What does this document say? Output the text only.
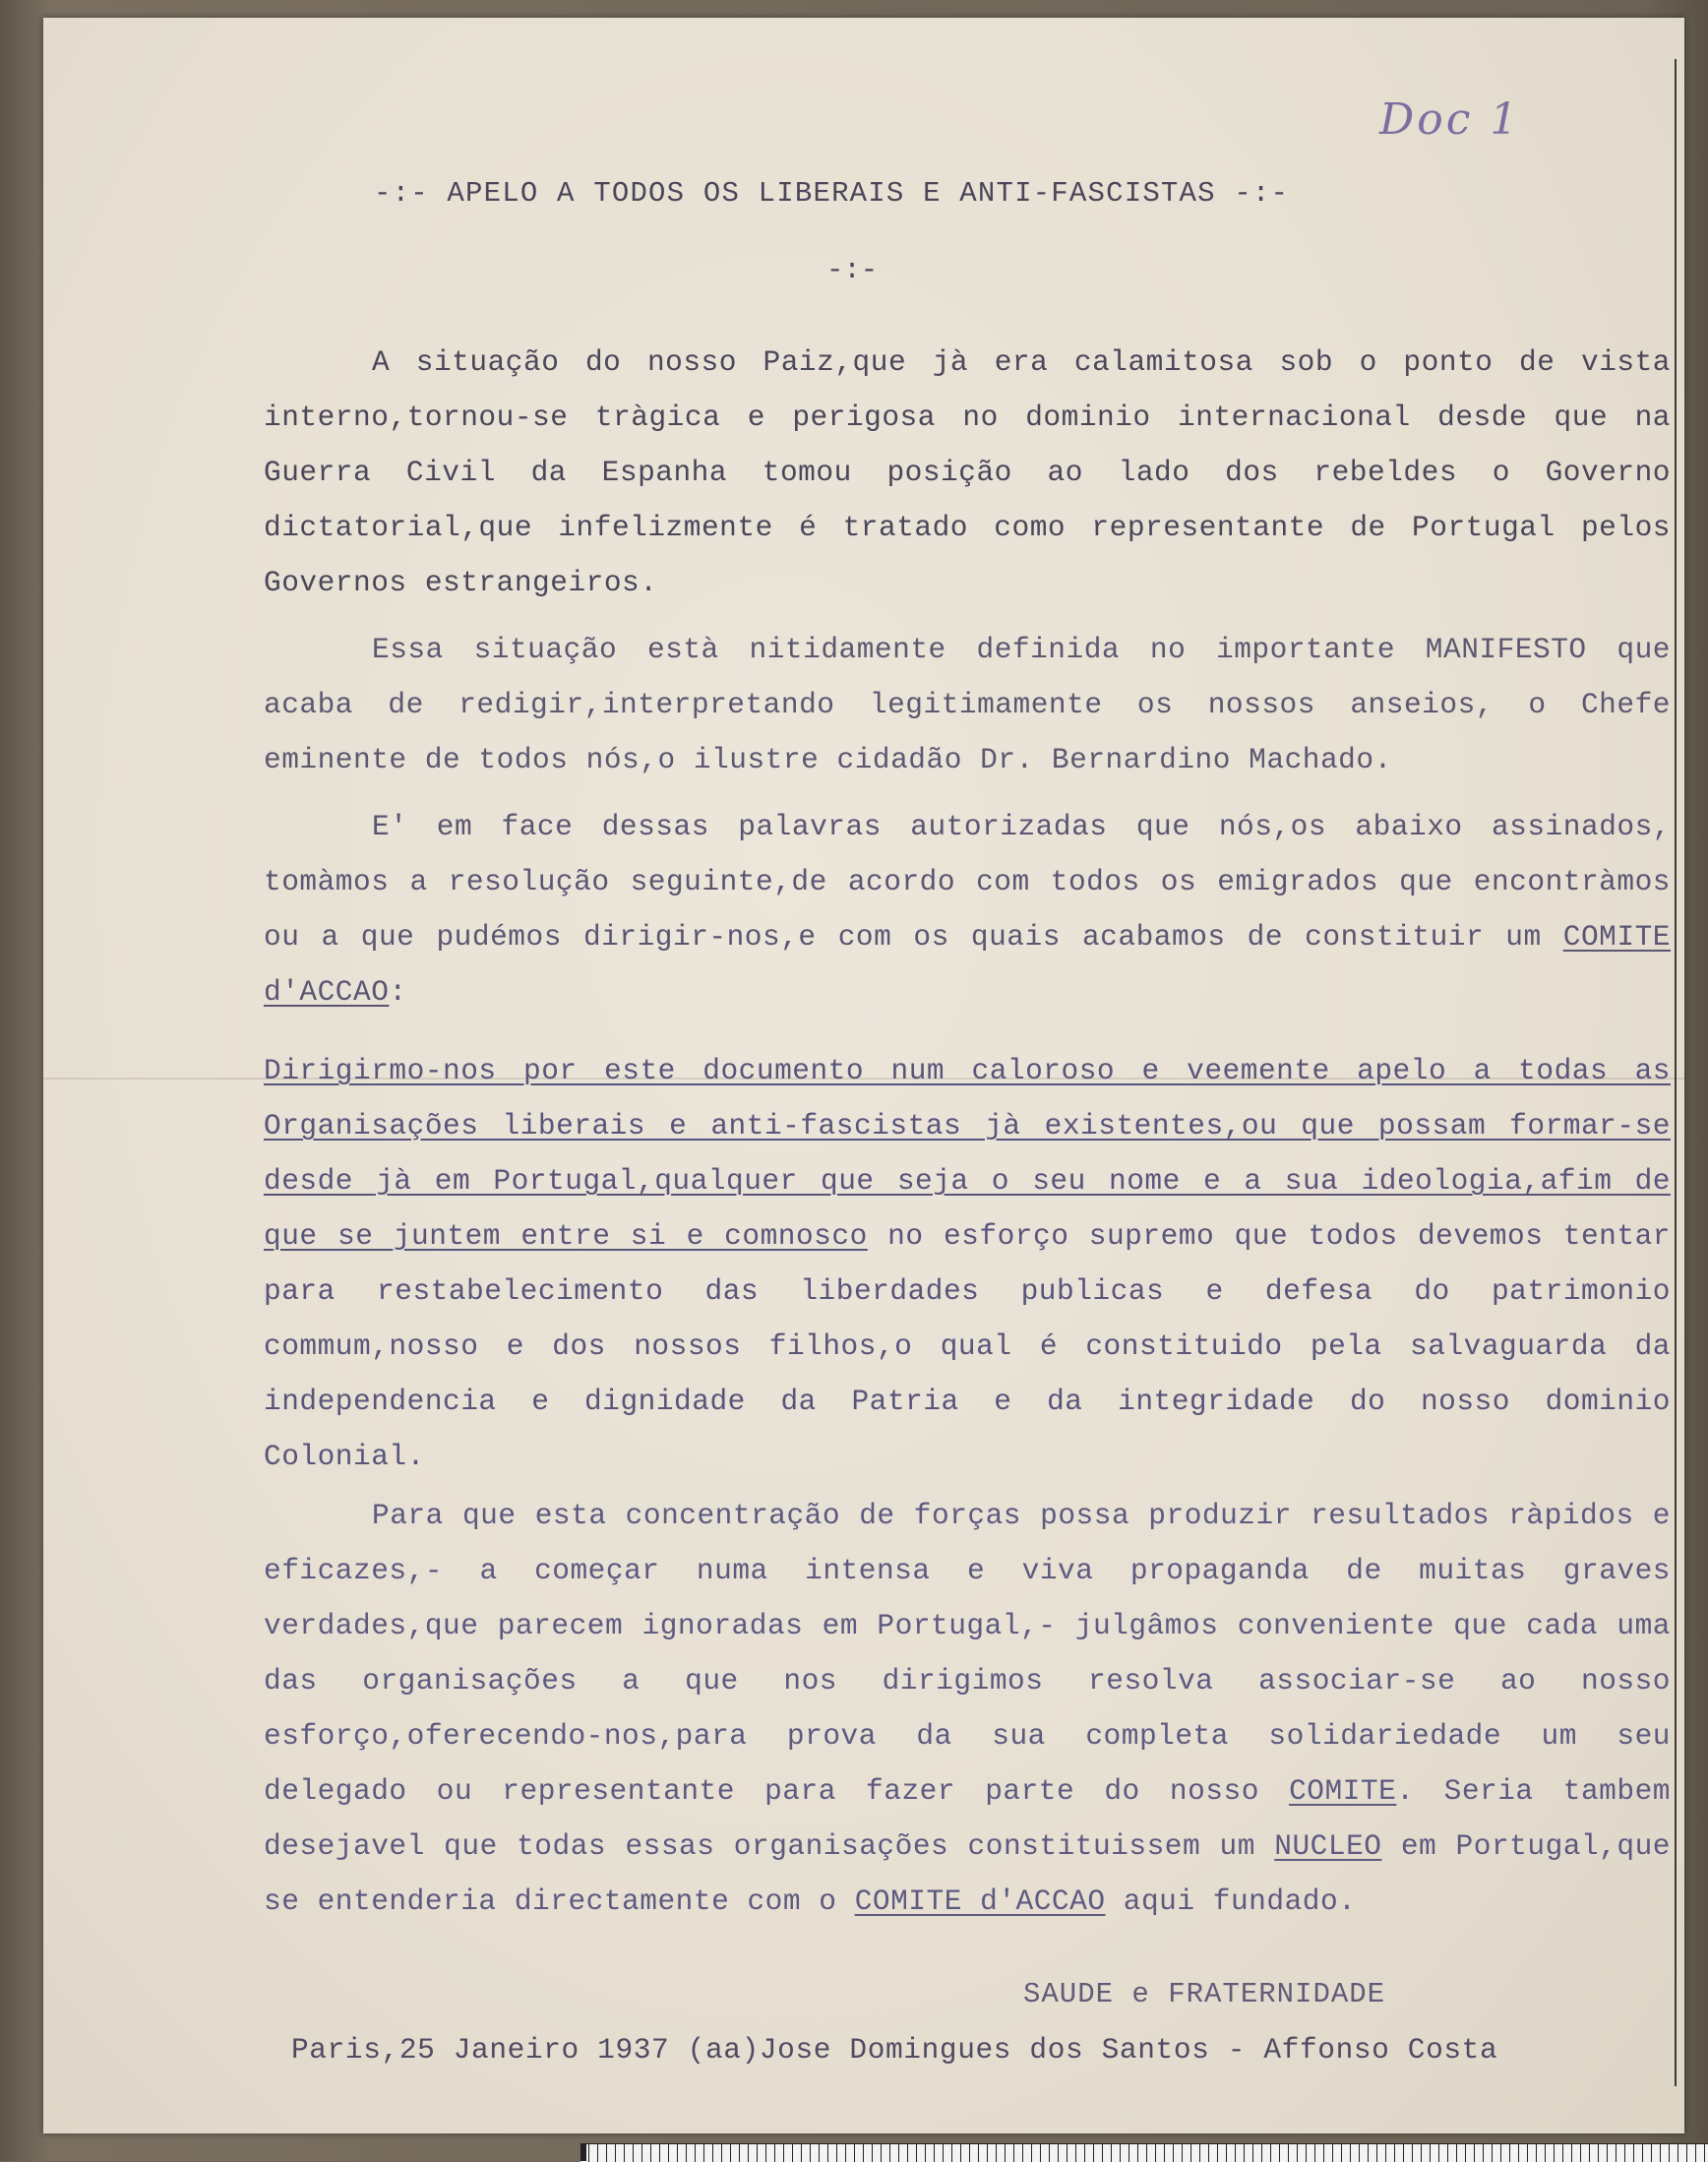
Doc 1
-:- APELO A TODOS OS LIBERAIS E ANTI-FASCISTAS -:-
-:-
A situação do nosso Paiz,que jà era calamitosa sob o ponto de vista interno,tornou-se tràgica e perigosa no dominio internacional desde que na Guerra Civil da Espanha tomou posição ao lado dos rebeldes o Governo dictatorial,que infelizmente é tratado como representante de Portugal pelos Governos estrangeiros.
Essa situação està nitidamente definida no importante MANIFESTO que acaba de redigir,interpretando legitimamente os nossos anseios, o Chefe eminente de todos nós,o ilustre cidadão Dr. Bernardino Machado.
E' em face dessas palavras autorizadas que nós,os abaixo assinados, tomàmos a resolução seguinte,de acordo com todos os emigrados que encontràmos ou a que pudémos dirigir-nos,e com os quais acabamos de constituir um COMITE d'ACCAO:
Dirigirmo-nos por este documento num caloroso e veemente apelo a todas as Organisações liberais e anti-fascistas jà existentes,ou que possam formar-se desde jà em Portugal,qualquer que seja o seu nome e a sua ideologia,afim de que se juntem entre si e comnosco no esforço supremo que todos devemos tentar para restabelecimento das liberdades publicas e defesa do patrimonio commum,nosso e dos nossos filhos,o qual é constituido pela salvaguarda da independencia e dignidade da Patria e da integridade do nosso dominio Colonial.
Para que esta concentração de forças possa produzir resultados ràpidos e eficazes,- a começar numa intensa e viva propaganda de muitas graves verdades,que parecem ignoradas em Portugal,- julgâmos conveniente que cada uma das organisações a que nos dirigimos resolva associar-se ao nosso esforço,oferecendo-nos,para prova da sua completa solidariedade um seu delegado ou representante para fazer parte do nosso COMITE. Seria tambem desejavel que todas essas organisações constituissem um NUCLEO em Portugal,que se entenderia directamente com o COMITE d'ACCAO aqui fundado.
SAUDE e FRATERNIDADE
Paris,25 Janeiro 1937 (aa)Jose Domingues dos Santos - Affonso Costa
